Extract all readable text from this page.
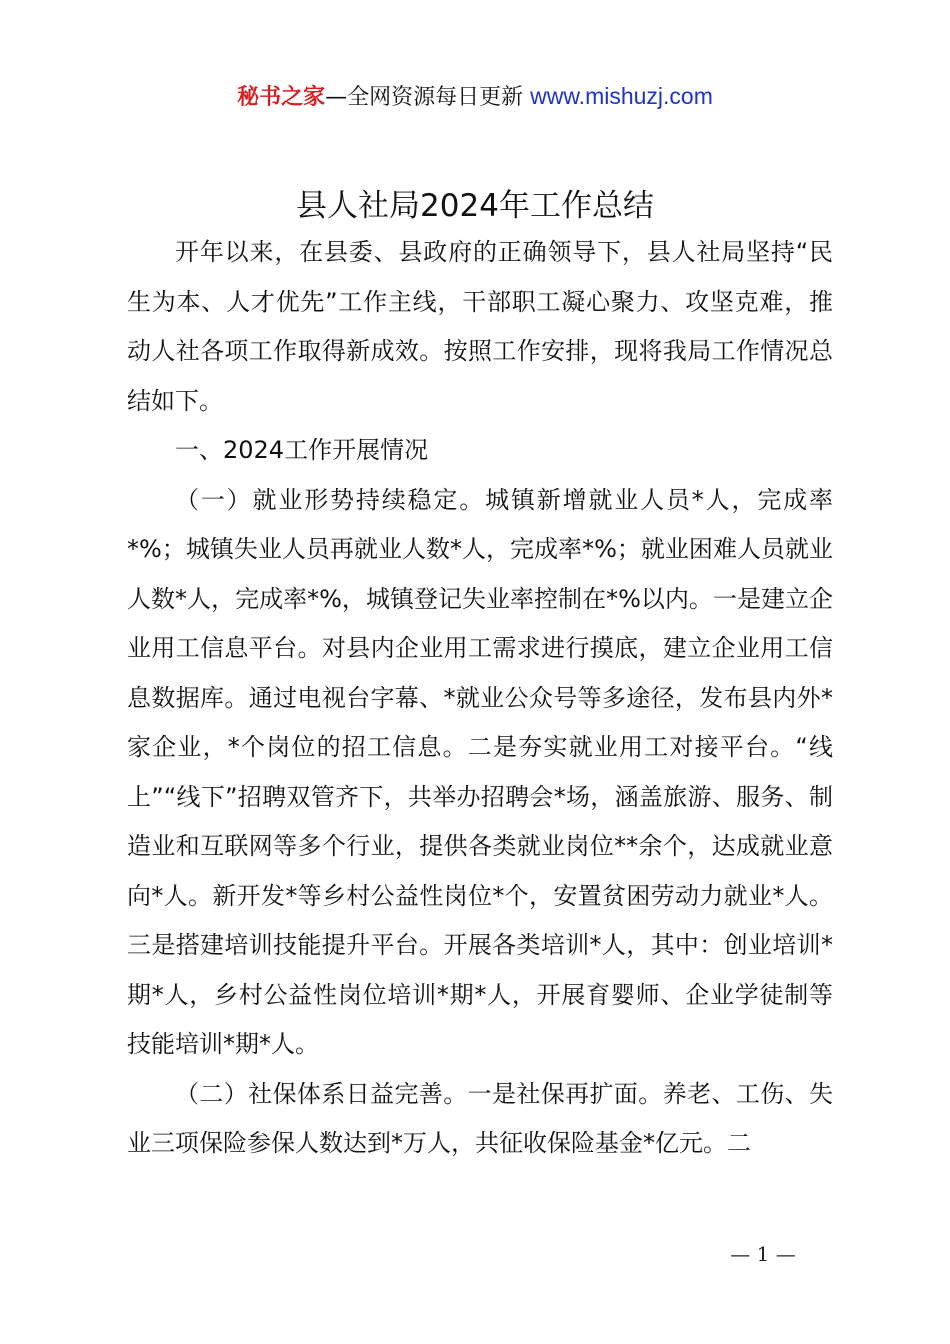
秘书之家—全网资源每日更新 www.mishuzj.com
县人社局2024年工作总结

开年以来，在县委、县政府的正确领导下，县人社局坚持“民生为本、人才优先”工作主线，干部职工凝心聚力、攻坚克难，推动人社各项工作取得新成效。按照工作安排，现将我局工作情况总结如下。

一、2024工作开展情况

（一）就业形势持续稳定。城镇新增就业人员*人，完成率*%；城镇失业人员再就业人数*人，完成率*%；就业困难人员就业人数*人，完成率*%，城镇登记失业率控制在*%以内。一是建立企业用工信息平台。对县内企业用工需求进行摸底，建立企业用工信息数据库。通过电视台字幕、*就业公众号等多途径，发布县内外*家企业，*个岗位的招工信息。二是夯实就业用工对接平台。“线上”“线下”招聘双管齐下，共举办招聘会*场，涵盖旅游、服务、制造业和互联网等多个行业，提供各类就业岗位**余个，达成就业意向*人。新开发*等乡村公益性岗位*个，安置贫困劳动力就业*人。三是搭建培训技能提升平台。开展各类培训*人，其中：创业培训*期*人，乡村公益性岗位培训*期*人，开展育婴师、企业学徒制等技能培训*期*人。

（二）社保体系日益完善。一是社保再扩面。养老、工伤、失业三项保险参保人数达到*万人，共征收保险基金*亿元。二

— 1 —
